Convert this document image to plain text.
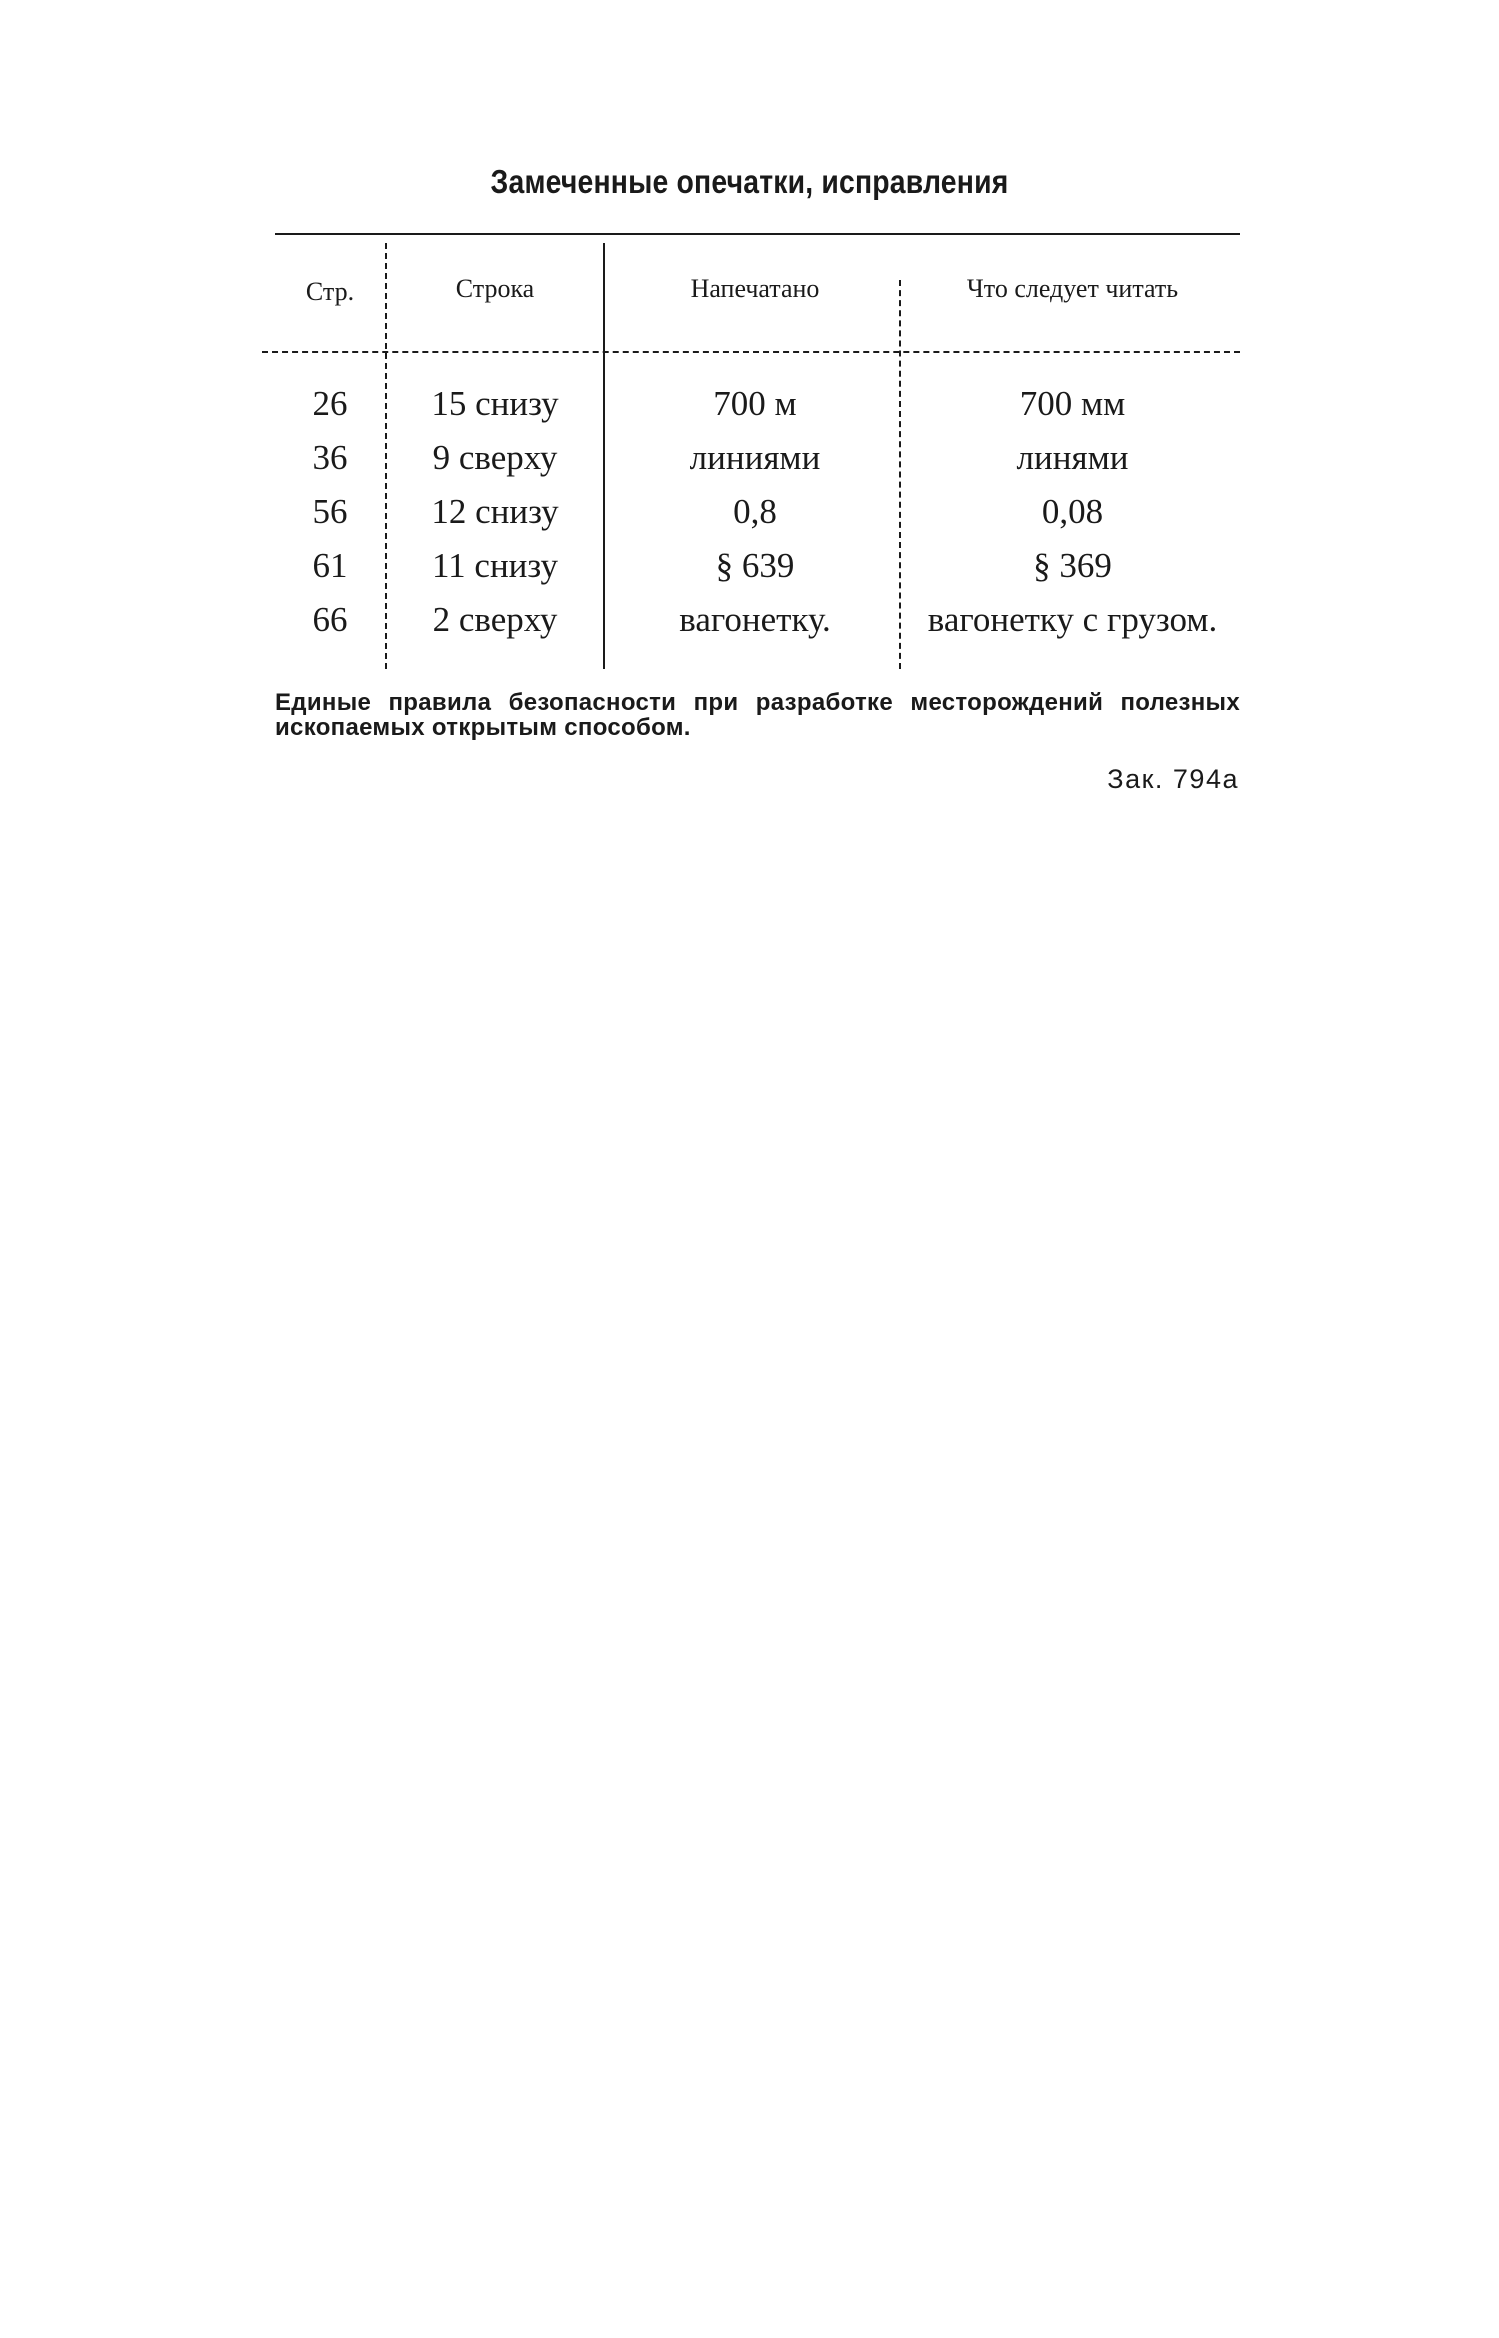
Замеченные опечатки, исправления
Стр.	Строка	Напечатано	Что следует читать
26	15 снизу	700 м	700 мм
36	9 сверху	линиями	линями
56	12 снизу	0,8	0,08
61	11 снизу	§ 639	§ 369
66	2 сверху	вагонетку.	вагонетку с грузом.
Единые правила безопасности при разработке месторождений полезных ископаемых открытым способом.
Зак. 794а
